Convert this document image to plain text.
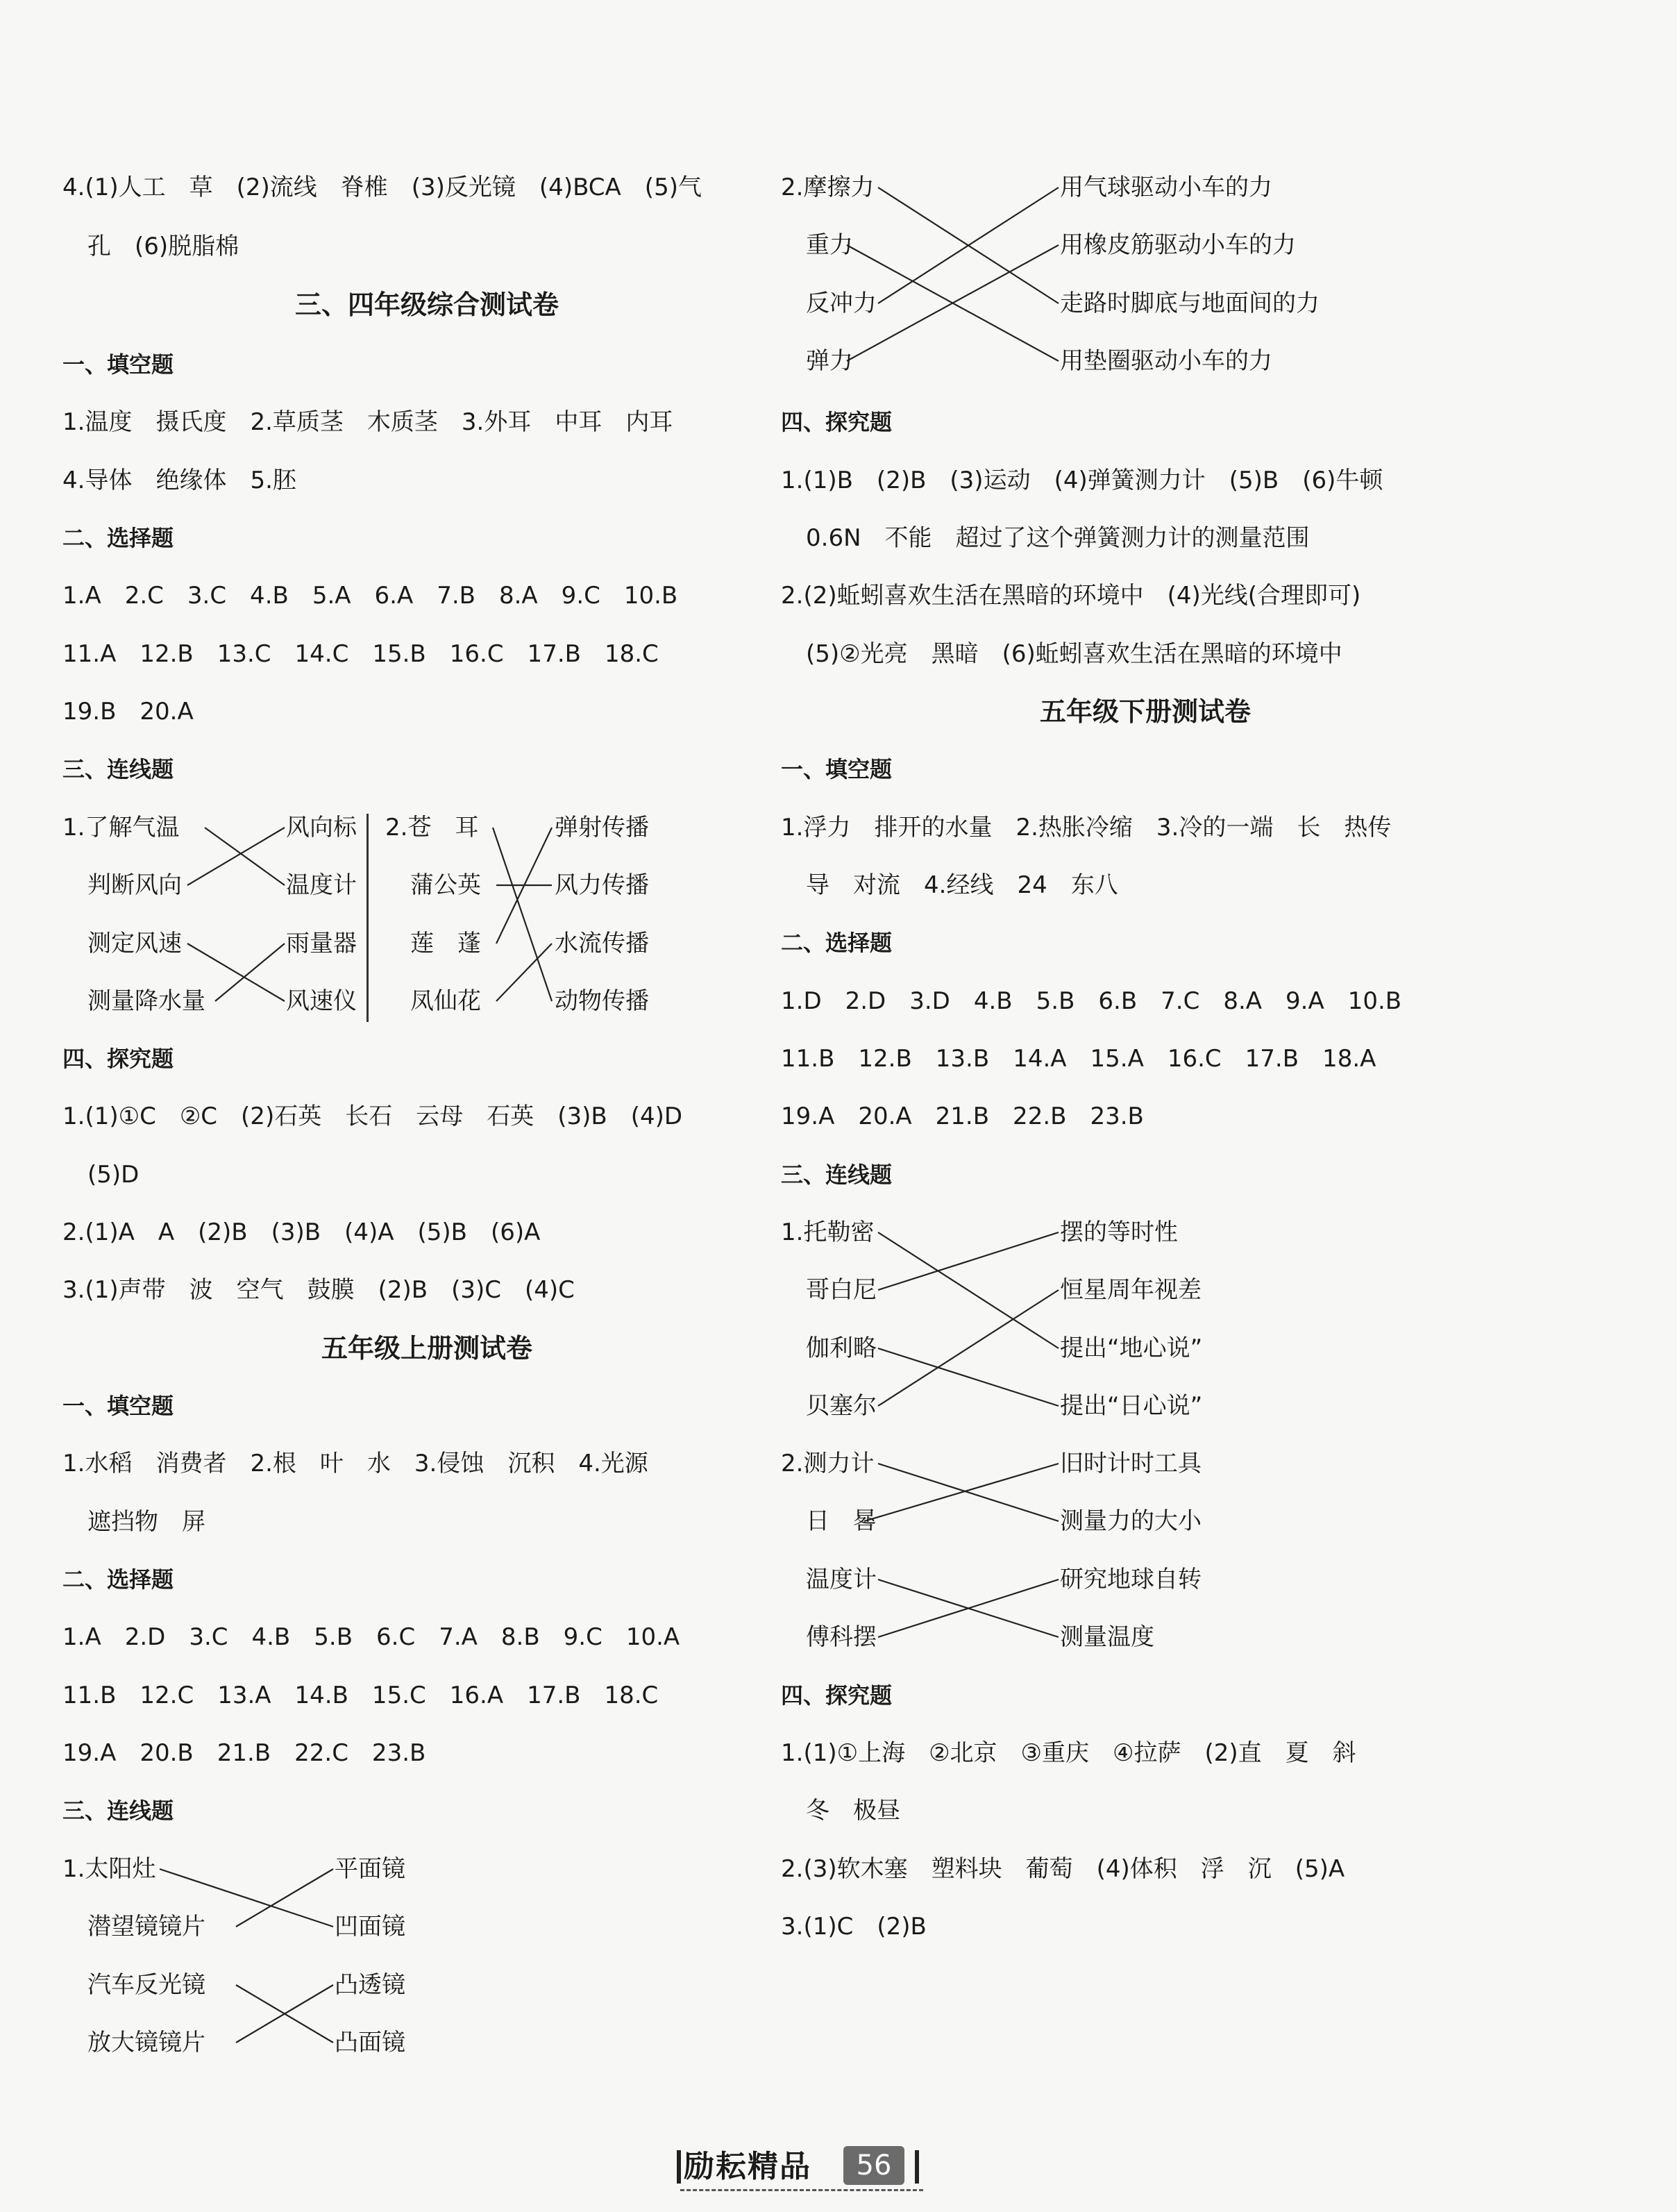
4.(1)人工　草　(2)流线　脊椎　(3)反光镜　(4)BCA　(5)气
孔　(6)脱脂棉
三、四年级综合测试卷
一、填空题
1.温度　摄氏度　2.草质茎　木质茎　3.外耳　中耳　内耳
4.导体　绝缘体　5.胚
二、选择题
1.A　2.C　3.C　4.B　5.A　6.A　7.B　8.A　9.C　10.B
11.A　12.B　13.C　14.C　15.B　16.C　17.B　18.C
19.B　20.A
三、连线题
1.了解气温
判断风向
测定风速
测量降水量
风向标
温度计
雨量器
风速仪
2.苍　耳
蒲公英
莲　蓬
凤仙花
弹射传播
风力传播
水流传播
动物传播
四、探究题
1.(1)①C　②C　(2)石英　长石　云母　石英　(3)B　(4)D
(5)D
2.(1)A　A　(2)B　(3)B　(4)A　(5)B　(6)A
3.(1)声带　波　空气　鼓膜　(2)B　(3)C　(4)C
五年级上册测试卷
一、填空题
1.水稻　消费者　2.根　叶　水　3.侵蚀　沉积　4.光源
遮挡物　屏
二、选择题
1.A　2.D　3.C　4.B　5.B　6.C　7.A　8.B　9.C　10.A
11.B　12.C　13.A　14.B　15.C　16.A　17.B　18.C
19.A　20.B　21.B　22.C　23.B
三、连线题
1.太阳灶
潜望镜镜片
汽车反光镜
放大镜镜片
平面镜
凹面镜
凸透镜
凸面镜
2.摩擦力
重力
反冲力
弹力
用气球驱动小车的力
用橡皮筋驱动小车的力
走路时脚底与地面间的力
用垫圈驱动小车的力
四、探究题
1.(1)B　(2)B　(3)运动　(4)弹簧测力计　(5)B　(6)牛顿
0.6N　不能　超过了这个弹簧测力计的测量范围
2.(2)蚯蚓喜欢生活在黑暗的环境中　(4)光线(合理即可)
(5)②光亮　黑暗　(6)蚯蚓喜欢生活在黑暗的环境中
五年级下册测试卷
一、填空题
1.浮力　排开的水量　2.热胀冷缩　3.冷的一端　长　热传
导　对流　4.经线　24　东八
二、选择题
1.D　2.D　3.D　4.B　5.B　6.B　7.C　8.A　9.A　10.B
11.B　12.B　13.B　14.A　15.A　16.C　17.B　18.A
19.A　20.A　21.B　22.B　23.B
三、连线题
1.托勒密
哥白尼
伽利略
贝塞尔
摆的等时性
恒星周年视差
提出“地心说”
提出“日心说”
2.测力计
日　晷
温度计
傅科摆
旧时计时工具
测量力的大小
研究地球自转
测量温度
四、探究题
1.(1)①上海　②北京　③重庆　④拉萨　(2)直　夏　斜
冬　极昼
2.(3)软木塞　塑料块　葡萄　(4)体积　浮　沉　(5)A
3.(1)C　(2)B
励耘精品	56
